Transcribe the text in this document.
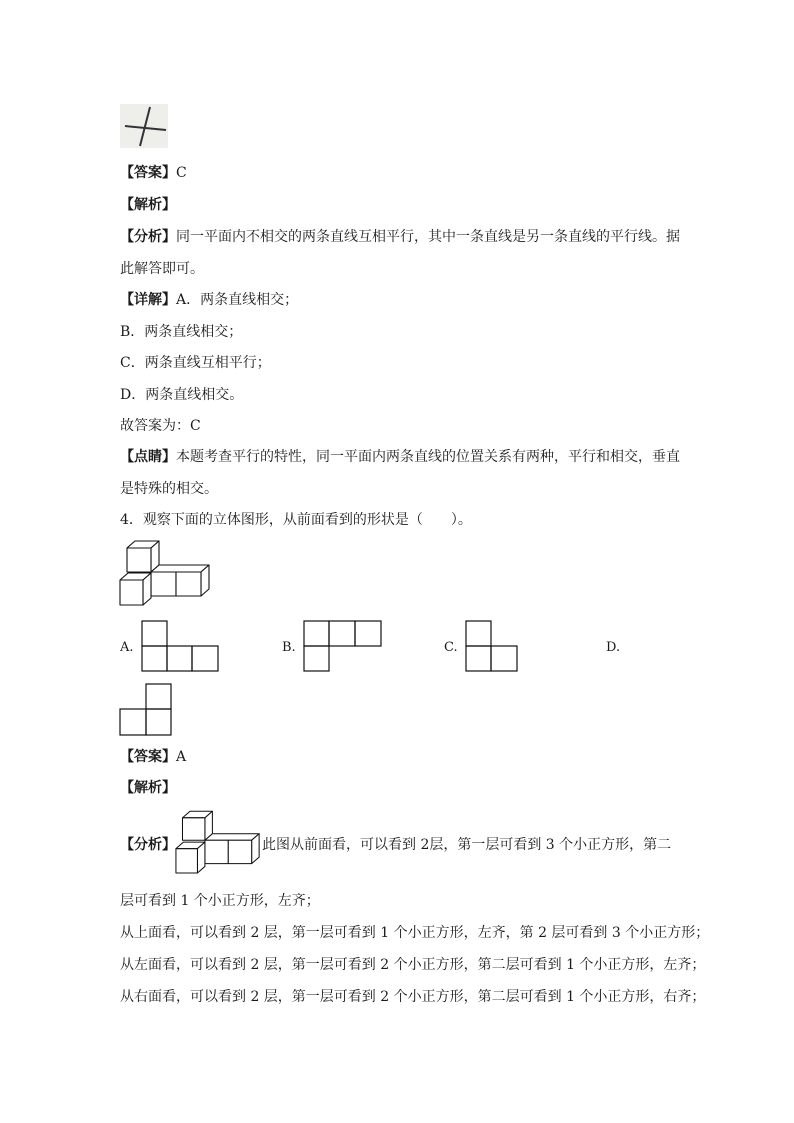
【答案】C
【解析】
【分析】同一平面内不相交的两条直线互相平行，其中一条直线是另一条直线的平行线。据
此解答即可。
【详解】A．两条直线相交；
B．两条直线相交；
C．两条直线互相平行；
D．两条直线相交。
故答案为：C
【点睛】本题考查平行的特性，同一平面内两条直线的位置关系有两种，平行和相交，垂直
是特殊的相交。
4．观察下面的立体图形，从前面看到的形状是（　　）。
A.	B.	C.	D.
【答案】A
【解析】
【分析】	此图从前面看，可以看到 2层，第一层可看到 3 个小正方形，第二
层可看到 1 个小正方形，左齐；
从上面看，可以看到 2 层，第一层可看到 1 个小正方形，左齐，第 2 层可看到 3 个小正方形；
从左面看，可以看到 2 层，第一层可看到 2 个小正方形，第二层可看到 1 个小正方形，左齐；
从右面看，可以看到 2 层，第一层可看到 2 个小正方形，第二层可看到 1 个小正方形，右齐；
